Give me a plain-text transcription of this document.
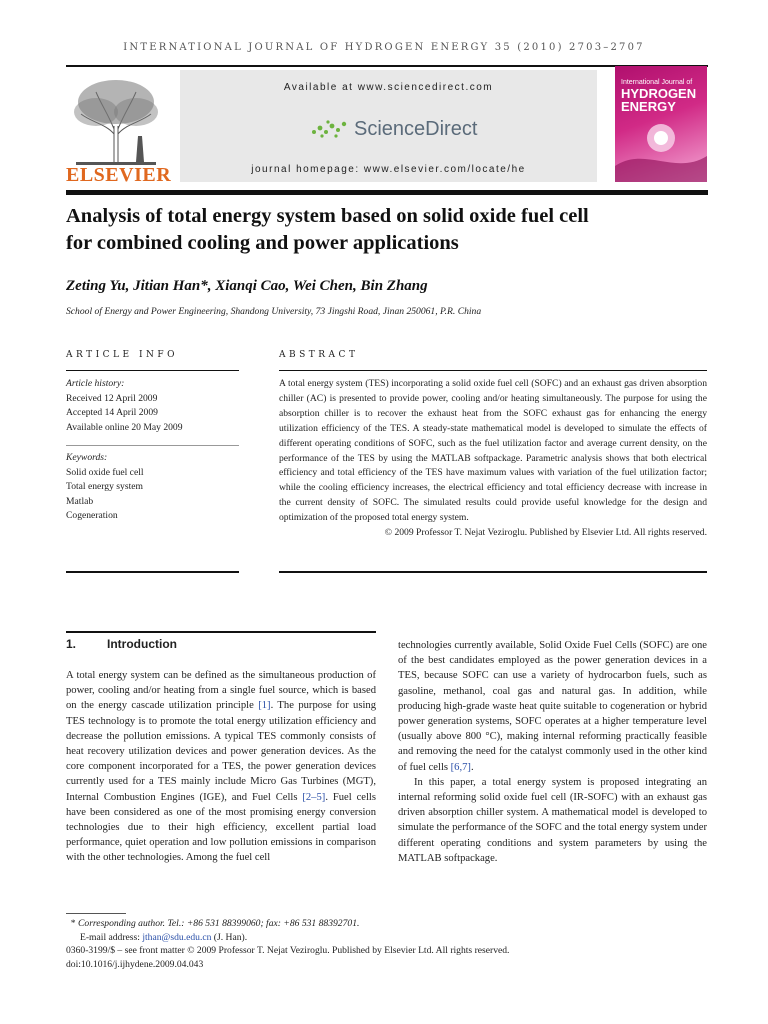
INTERNATIONAL JOURNAL OF HYDROGEN ENERGY 35 (2010) 2703–2707
ELSEVIER
Available at www.sciencedirect.com
ScienceDirect
journal homepage: www.elsevier.com/locate/he
International Journal of
HYDROGEN
ENERGY
Analysis of total energy system based on solid oxide fuel cell
for combined cooling and power applications
Zeting Yu, Jitian Han*, Xianqi Cao, Wei Chen, Bin Zhang
School of Energy and Power Engineering, Shandong University, 73 Jingshi Road, Jinan 250061, P.R. China
ARTICLE INFO
Article history:
Received 12 April 2009
Accepted 14 April 2009
Available online 20 May 2009
Keywords:
Solid oxide fuel cell
Total energy system
Matlab
Cogeneration
ABSTRACT
A total energy system (TES) incorporating a solid oxide fuel cell (SOFC) and an exhaust gas driven absorption chiller (AC) is presented to provide power, cooling and/or heating simultaneously. The purpose for using the absorption chiller is to recover the exhaust heat from the SOFC exhaust gas for enhancing the energy utilization efficiency of the TES. A steady-state mathematical model is developed to simulate the effects of different operating conditions of SOFC, such as the fuel utilization factor and average current density, on the performance of the TES by using the MATLAB softpackage. Parametric analysis shows that both electrical efficiency and total efficiency of the TES have maximum values with variation of the fuel utilization factor; while the cooling efficiency increases, the electrical efficiency and total efficiency decrease with increase in the current density of SOFC. The simulated results could provide useful knowledge for the design and optimization of the proposed total energy system.
© 2009 Professor T. Nejat Veziroglu. Published by Elsevier Ltd. All rights reserved.
1.	Introduction
A total energy system can be defined as the simultaneous production of power, cooling and/or heating from a single fuel source, which is based on the energy cascade utilization principle [1]. The purpose for using TES technology is to promote the total energy utilization efficiency and decrease the pollution emissions. A typical TES commonly consists of heat recovery utilization devices and power generation devices. As the core component incorporated for a TES, the power generation devices currently used for a TES mainly include Micro Gas Turbines (MGT), Internal Combustion Engines (IGE), and Fuel Cells [2–5]. Fuel cells have been considered as one of the most promising energy conversion technologies due to their high efficiency, excellent partial load performance, quiet operation and low pollution emissions in comparison with the other technologies. Among the fuel cell
technologies currently available, Solid Oxide Fuel Cells (SOFC) are one of the best candidates employed as the power generation devices in a TES, because SOFC can use a variety of hydrocarbon fuels, such as gasoline, methanol, coal gas and natural gas. In addition, while producing high-grade waste heat quite suitable to cogeneration or hybrid power generation systems, SOFC operates at a higher temperature level (usually above 800 °C), making internal reforming practically feasible and removing the need for the catalyst commonly used in the other kind of fuel cells [6,7].
In this paper, a total energy system is proposed integrating an internal reforming solid oxide fuel cell (IR-SOFC) with an exhaust gas driven absorption chiller system. A mathematical model is developed to simulate the performance of the SOFC and the total energy system under different operating conditions and system parameters by using the MATLAB softpackage.
* Corresponding author. Tel.: +86 531 88399060; fax: +86 531 88392701.
E-mail address: jthan@sdu.edu.cn (J. Han).
0360-3199/$ – see front matter © 2009 Professor T. Nejat Veziroglu. Published by Elsevier Ltd. All rights reserved.
doi:10.1016/j.ijhydene.2009.04.043
